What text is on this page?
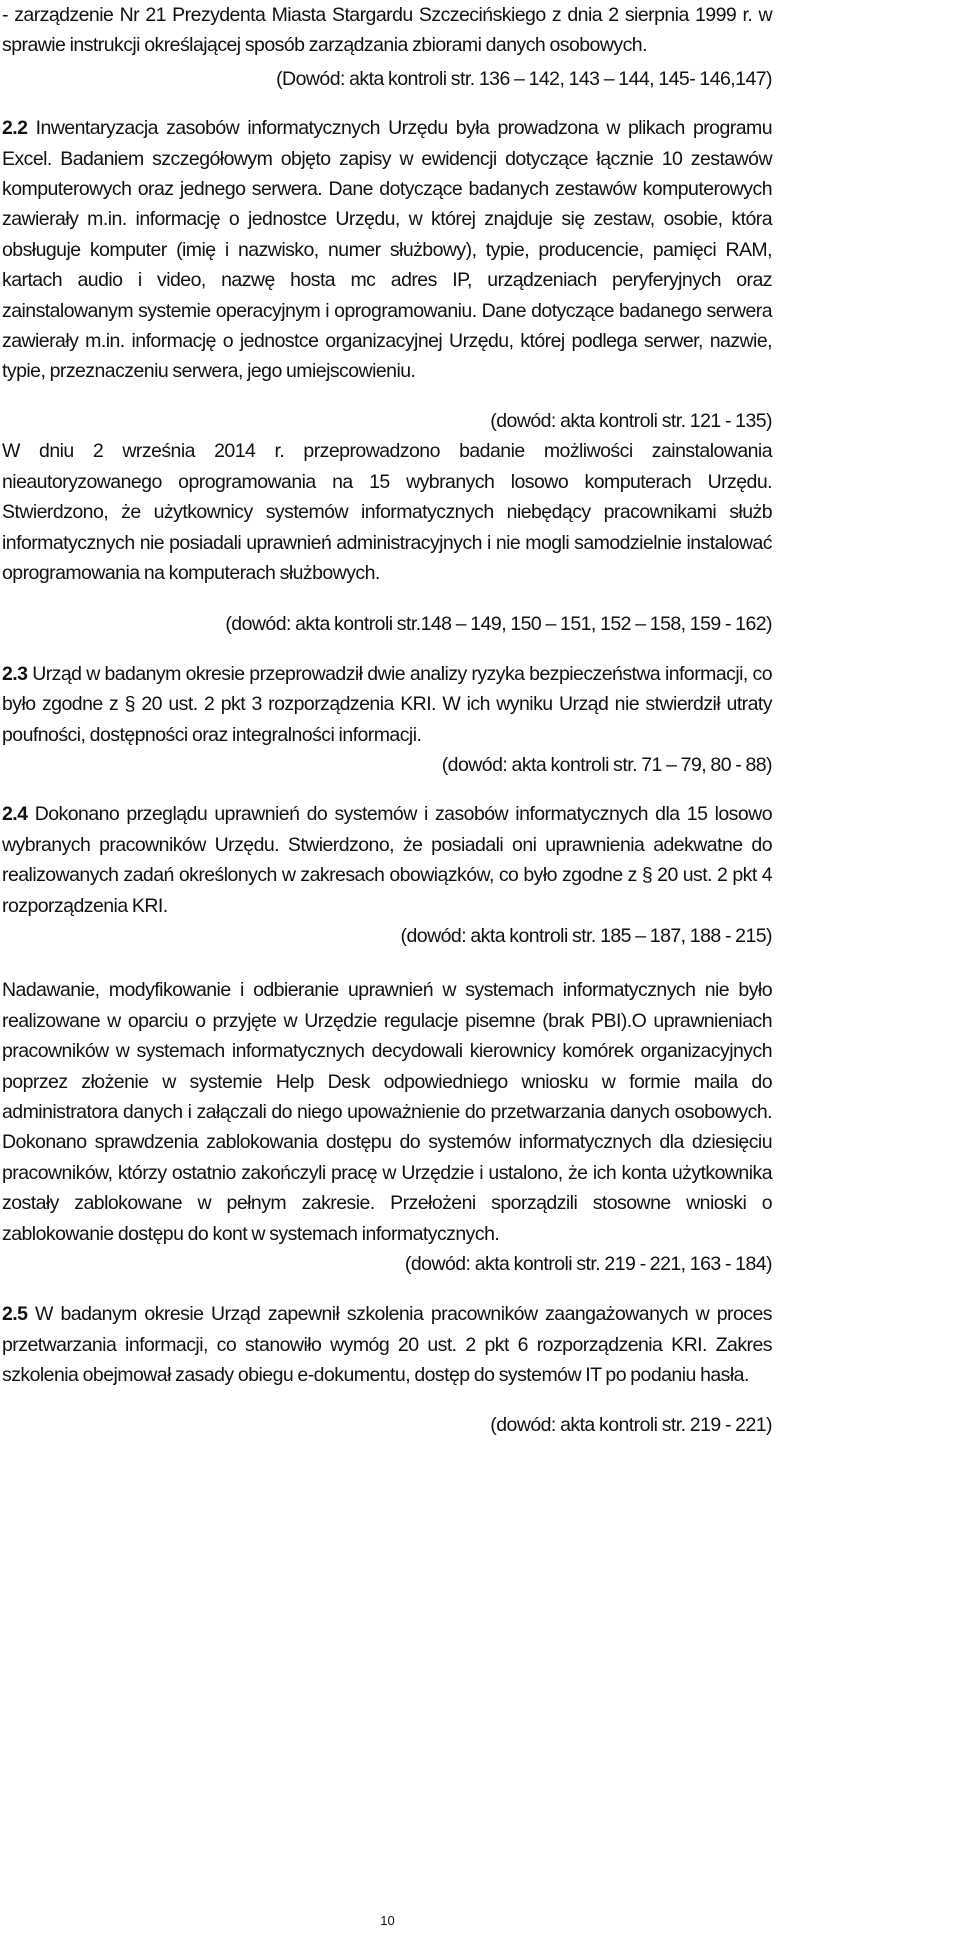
- zarządzenie Nr 21 Prezydenta Miasta Stargardu Szczecińskiego z dnia 2 sierpnia 1999 r. w sprawie instrukcji określającej sposób zarządzania zbiorami danych osobowych.

(Dowód: akta kontroli str. 136 – 142, 143 – 144, 145- 146,147)

2.2 Inwentaryzacja zasobów informatycznych Urzędu była prowadzona w plikach programu Excel. Badaniem szczegółowym objęto zapisy w ewidencji dotyczące łącznie 10 zestawów komputerowych oraz jednego serwera. Dane dotyczące badanych zestawów komputerowych zawierały m.in. informację o jednostce Urzędu, w której znajduje się zestaw, osobie, która obsługuje komputer (imię i nazwisko, numer służbowy), typie, producencie, pamięci RAM, kartach audio i video, nazwę hosta mc adres IP, urządzeniach peryferyjnych oraz zainstalowanym systemie operacyjnym i oprogramowaniu. Dane dotyczące badanego serwera zawierały m.in. informację o jednostce organizacyjnej Urzędu, której podlega serwer, nazwie, typie, przeznaczeniu serwera, jego umiejscowieniu.

(dowód: akta kontroli str. 121 - 135)

W dniu 2 września 2014 r. przeprowadzono badanie możliwości zainstalowania nieautoryzowanego oprogramowania na 15 wybranych losowo komputerach Urzędu. Stwierdzono, że użytkownicy systemów informatycznych niebędący pracownikami służb informatycznych nie posiadali uprawnień administracyjnych i nie mogli samodzielnie instalować oprogramowania na komputerach służbowych.

(dowód: akta kontroli str.148 – 149, 150 – 151, 152 – 158, 159 - 162)

2.3 Urząd w badanym okresie przeprowadził dwie analizy ryzyka bezpieczeństwa informacji, co było zgodne z § 20 ust. 2 pkt 3 rozporządzenia KRI. W ich wyniku Urząd nie stwierdził utraty poufności, dostępności oraz integralności informacji.

(dowód: akta kontroli str. 71 – 79, 80 - 88)

2.4 Dokonano przeglądu uprawnień do systemów i zasobów informatycznych dla 15 losowo wybranych pracowników Urzędu. Stwierdzono, że posiadali oni uprawnienia adekwatne do realizowanych zadań określonych w zakresach obowiązków, co było zgodne z § 20 ust. 2 pkt 4 rozporządzenia KRI.

(dowód: akta kontroli str. 185 – 187, 188 - 215)

Nadawanie, modyfikowanie i odbieranie uprawnień w systemach informatycznych nie było realizowane w oparciu o przyjęte w Urzędzie regulacje pisemne (brak PBI).O uprawnieniach pracowników w systemach informatycznych decydowali kierownicy komórek organizacyjnych poprzez złożenie w systemie Help Desk odpowiedniego wniosku w formie maila do administratora danych i załączali do niego upoważnienie do przetwarzania danych osobowych. Dokonano sprawdzenia zablokowania dostępu do systemów informatycznych dla dziesięciu pracowników, którzy ostatnio zakończyli pracę w Urzędzie i ustalono, że ich konta użytkownika zostały zablokowane w pełnym zakresie. Przełożeni sporządzili stosowne wnioski o zablokowanie dostępu do kont w systemach informatycznych.

(dowód: akta kontroli str. 219 - 221, 163 - 184)

2.5 W badanym okresie Urząd zapewnił szkolenia pracowników zaangażowanych w proces przetwarzania informacji, co stanowiło wymóg 20 ust. 2 pkt 6 rozporządzenia KRI. Zakres szkolenia obejmował zasady obiegu e-dokumentu, dostęp do systemów IT po podaniu hasła.

(dowód: akta kontroli str. 219 - 221)

10
